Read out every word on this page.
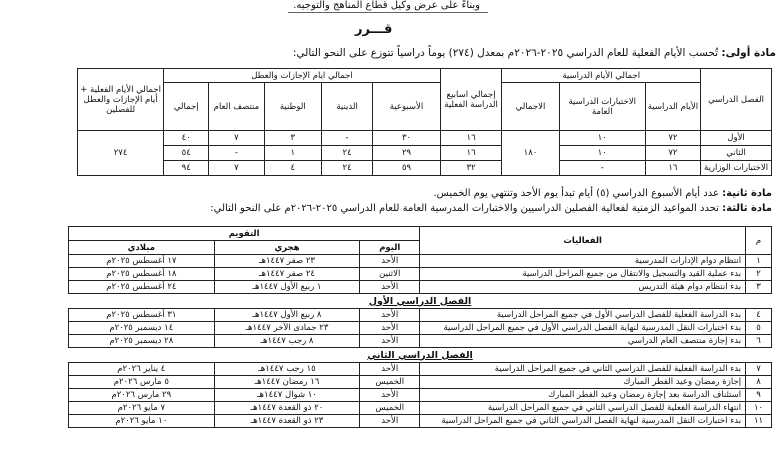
وبناءً على عرض وكيل قطاع المناهج والتوجيه.
قـــرر
مادة أولى: تُحسب الأيام الفعلية للعام الدراسي ٢٠٢٥-٢٠٢٦م بمعدل (٢٧٤) يوماً دراسياً تتوزع على النحو التالي:
الفصل الدراسي	اجمالي الأيام الدراسية			إجمالي اسابيع الدراسة الفعلية	اجمالي ايام الإجازات والعطل					اجمالي الأيام الفعلية + أيام الإجازات والعطل للفصلين
	الأيام الدراسية	الاختبارات الدراسية العامة	الاجمالي		الأسبوعية	الدينية	الوطنية	منتصف العام	إجمالي	
الأول	٧٢	١٠	١٨٠	١٦	٣٠	-	٣	٧	٤٠	٢٧٤
الثاني	٧٢	١٠		١٦	٢٩	٢٤	١	-	٥٤	
الاختبارات الوزارية	١٦	-		٣٢	٥٩	٢٤	٤	٧	٩٤	
مادة ثانية: عدد أيام الأسبوع الدراسي (٥) أيام تبدأ يوم الأحد وتنتهي يوم الخميس.
مادة ثالثة: تحدد المواعيد الزمنية لفعالية الفصلين الدراسيين والاختبارات المدرسية العامة للعام الدراسي ٢٠٢٥-٢٠٢٦م على النحو التالي:
م	الفعاليات	التقويم		
		اليوم	هجري	ميلادي
١	انتظام دوام الإدارات المدرسية	الأحد	٢٣ صفر ١٤٤٧هـ	١٧ أغسطس ٢٠٢٥م
٢	بدء عملية القيد والتسجيل والانتقال من جميع المراحل الدراسية	الاثنين	٢٤ صفر ١٤٤٧هـ	١٨ أغسطس ٢٠٢٥م
٣	بدء انتظام دوام هيئة التدريس	الأحد	١ ربيع الأول ١٤٤٧هـ	٢٤ أغسطس ٢٠٢٥م
الفصل الدراسي الأول				
٤	بدء الدراسة الفعلية للفصل الدراسي الأول في جميع المراحل الدراسية	الأحد	٨ ربيع الأول ١٤٤٧هـ	٣١ أغسطس ٢٠٢٥م
٥	بدء اختبارات النقل المدرسية لنهاية الفصل الدراسي الأول في جميع المراحل الدراسية	الأحد	٢٣ جمادى الآخر ١٤٤٧هـ	١٤ ديسمبر ٢٠٢٥م
٦	بدء إجازة منتصف العام الدراسي	الأحد	٨ رجب ١٤٤٧هـ	٢٨ ديسمبر ٢٠٢٥م
الفصل الدراسي الثاني				
٧	بدء الدراسة الفعلية للفصل الدراسي الثاني في جميع المراحل الدراسية	الأحد	١٥ رجب ١٤٤٧هـ	٤ يناير ٢٠٢٦م
٨	إجازة رمضان وعيد الفطر المبارك	الخميس	١٦ رمضان ١٤٤٧هـ	٥ مارس ٢٠٢٦م
٩	استئناف الدراسة بعد إجازة رمضان وعيد الفطر المبارك	الأحد	١٠ شوال ١٤٤٧هـ	٢٩ مارس ٢٠٢٦م
١٠	انتهاء الدراسة الفعلية للفصل الدراسي الثاني في جميع المراحل الدراسية	الخميس	٢٠ ذو القعدة ١٤٤٧هـ	٧ مايو ٢٠٢٦م
١١	بدء اختبارات النقل المدرسية لنهاية الفصل الدراسي الثاني في جميع المراحل الدراسية	الأحد	٢٣ ذو القعدة ١٤٤٧هـ	١٠ مايو ٢٠٢٦م
